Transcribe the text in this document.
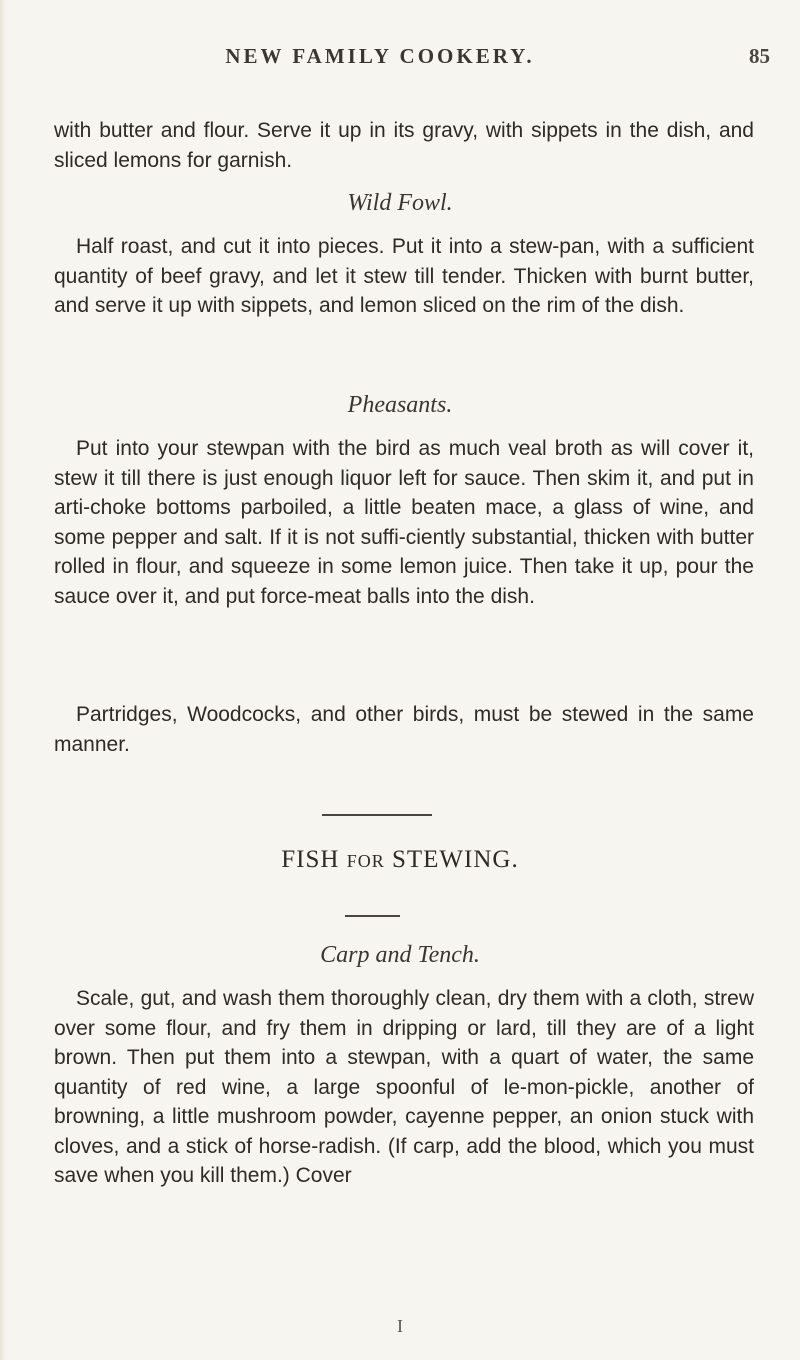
NEW FAMILY COOKERY.	85

with butter and flour. Serve it up in its gravy, with sippets in the dish, and sliced lemons for garnish.

Wild Fowl.

Half roast, and cut it into pieces. Put it into a stew-pan, with a sufficient quantity of beef gravy, and let it stew till tender. Thicken with burnt butter, and serve it up with sippets, and lemon sliced on the rim of the dish.

Pheasants.

Put into your stewpan with the bird as much veal broth as will cover it, stew it till there is just enough liquor left for sauce. Then skim it, and put in arti-choke bottoms parboiled, a little beaten mace, a glass of wine, and some pepper and salt. If it is not suffi-ciently substantial, thicken with butter rolled in flour, and squeeze in some lemon juice. Then take it up, pour the sauce over it, and put force-meat balls into the dish.

Partridges, Woodcocks, and other birds, must be stewed in the same manner.

FISH FOR STEWING.

Carp and Tench.

Scale, gut, and wash them thoroughly clean, dry them with a cloth, strew over some flour, and fry them in dripping or lard, till they are of a light brown. Then put them into a stewpan, with a quart of water, the same quantity of red wine, a large spoonful of le-mon-pickle, another of browning, a little mushroom powder, cayenne pepper, an onion stuck with cloves, and a stick of horse-radish. (If carp, add the blood, which you must save when you kill them.) Cover

I
